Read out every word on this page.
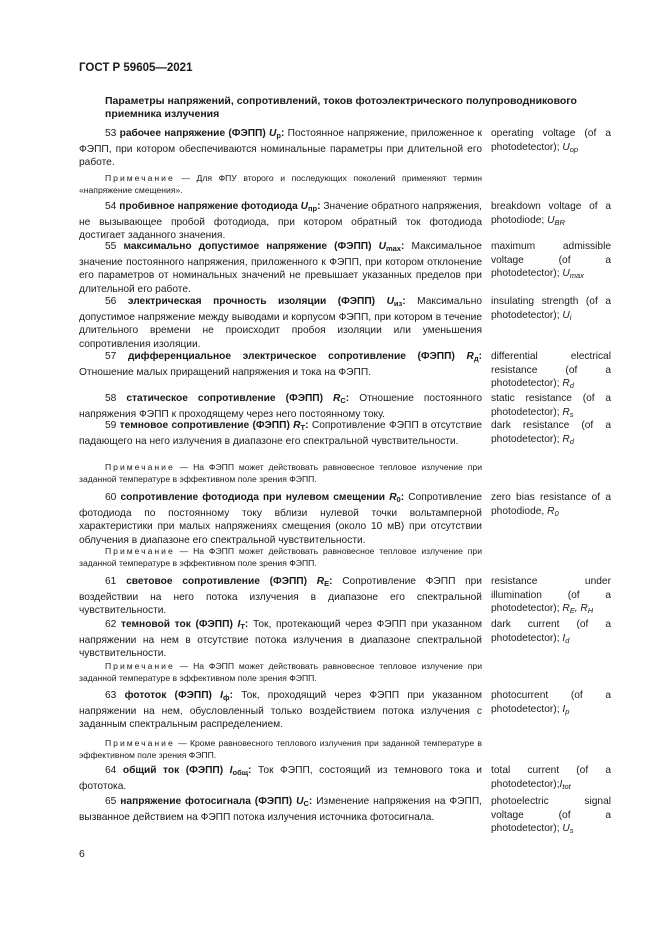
ГОСТ Р 59605—2021
Параметры напряжений, сопротивлений, токов фотоэлектрического полупроводникового приемника излучения
53 рабочее напряжение (ФЭПП) $U_р$: Постоянное напряжение, приложенное к ФЭПП, при котором обеспечиваются номинальные параметры при длительной его работе.
Примечание — Для ФПУ второго и последующих поколений применяют термин «напряжение смещения».
operating voltage (of a photodetector); $U_{op}$
54 пробивное напряжение фотодиода $U_{пр}$: Значение обратного напряжения, не вызывающее пробой фотодиода, при котором обратный ток фотодиода достигает заданного значения.
breakdown voltage of a photodiode; $U_{BR}$
55 максимально допустимое напряжение (ФЭПП) $U_{max}$: Максимальное значение постоянного напряжения, приложенного к ФЭПП, при котором отклонение его параметров от номинальных значений не превышает указанных пределов при длительной его работе.
maximum admissible voltage (of a photodetector); $U_{max}$
56 электрическая прочность изоляции (ФЭПП) $U_{из}$: Максимально допустимое напряжение между выводами и корпусом ФЭПП, при котором в течение длительного времени не происходит пробоя изоляции или уменьшения сопротивления изоляции.
insulating strength (of a photodetector); $U_i$
57 дифференциальное электрическое сопротивление (ФЭПП) $R_д$: Отношение малых приращений напряжения и тока на ФЭПП.
differential electrical resistance (of a photodetector); $R_d$
58 статическое сопротивление (ФЭПП) $R_С$: Отношение постоянного напряжения ФЭПП к проходящему через него постоянному току.
static resistance (of a photodetector); $R_s$
59 темновое сопротивление (ФЭПП) $R_Т$: Сопротивление ФЭПП в отсутствие падающего на него излучения в диапазоне его спектральной чувствительности.
Примечание — На ФЭПП может действовать равновесное тепловое излучение при заданной температуре в эффективном поле зрения ФЭПП.
dark resistance (of a photodetector); $R_d$
60 сопротивление фотодиода при нулевом смещении $R_0$: Сопротивление фотодиода по постоянному току вблизи нулевой точки вольтамперной характеристики при малых напряжениях смещения (около 10 мВ) при отсутствии облучения в диапазоне его спектральной чувствительности.
Примечание — На ФЭПП может действовать равновесное тепловое излучение при заданной температуре в эффективном поле зрения ФЭПП.
zero bias resistance of a photodiode, $R_0$
61 световое сопротивление (ФЭПП) $R_Е$: Сопротивление ФЭПП при воздействии на него потока излучения в диапазоне его спектральной чувствительности.
resistance under illumination (of a photodetector); $R_E$, $R_H$
62 темновой ток (ФЭПП) $I_Т$: Ток, протекающий через ФЭПП при указанном напряжении на нем в отсутствие потока излучения в диапазоне спектральной чувствительности.
Примечание — На ФЭПП может действовать равновесное тепловое излучение при заданной температуре в эффективном поле зрения ФЭПП.
dark current (of a photodetector); $I_d$
63 фототок (ФЭПП) $I_ф$: Ток, проходящий через ФЭПП при указанном напряжении на нем, обусловленный только воздействием потока излучения с заданным спектральным распределением.
Примечание — Кроме равновесного теплового излучения при заданной температуре в эффективном поле зрения ФЭПП.
photocurrent (of a photodetector); $I_p$
64 общий ток (ФЭПП) $I_{общ}$: Ток ФЭПП, состоящий из темнового тока и фототока.
total current (of a $photodetector);I_{tot}$
65 напряжение фотосигнала (ФЭПП) $U_С$: Изменение напряжения на ФЭПП, вызванное действием на ФЭПП потока излучения источника фотосигнала.
photoelectric signal voltage (of a photodetector); $U_s$
6
